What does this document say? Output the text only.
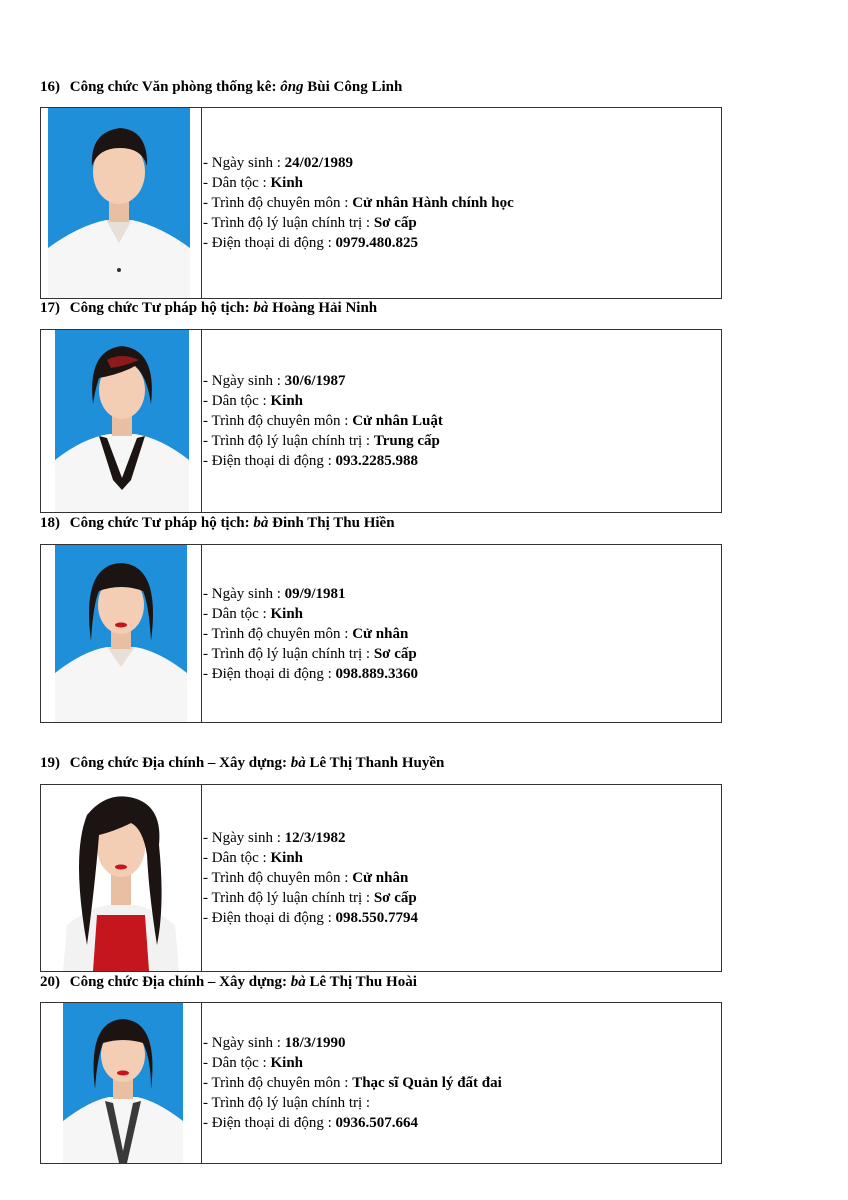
16) Công chức Văn phòng thống kê: ông Bùi Công Linh
- Ngày sinh : 24/02/1989
- Dân tộc : Kinh
- Trình độ chuyên môn : Cử nhân Hành chính học
- Trình độ lý luận chính trị : Sơ cấp
- Điện thoại di động : 0979.480.825
17) Công chức Tư pháp hộ tịch: bà Hoàng Hải Ninh
- Ngày sinh : 30/6/1987
- Dân tộc : Kinh
- Trình độ chuyên môn : Cử nhân Luật
- Trình độ lý luận chính trị : Trung cấp
- Điện thoại di động : 093.2285.988
18) Công chức Tư pháp hộ tịch: bà Đinh Thị Thu Hiền
- Ngày sinh : 09/9/1981
- Dân tộc : Kinh
- Trình độ chuyên môn : Cử nhân
- Trình độ lý luận chính trị : Sơ cấp
- Điện thoại di động : 098.889.3360
19) Công chức Địa chính – Xây dựng: bà Lê Thị Thanh Huyền
- Ngày sinh : 12/3/1982
- Dân tộc : Kinh
- Trình độ chuyên môn : Cử nhân
- Trình độ lý luận chính trị : Sơ cấp
- Điện thoại di động : 098.550.7794
20) Công chức Địa chính – Xây dựng: bà Lê Thị Thu Hoài
- Ngày sinh : 18/3/1990
- Dân tộc : Kinh
- Trình độ chuyên môn : Thạc sĩ Quản lý đất đai
- Trình độ lý luận chính trị :
- Điện thoại di động : 0936.507.664
